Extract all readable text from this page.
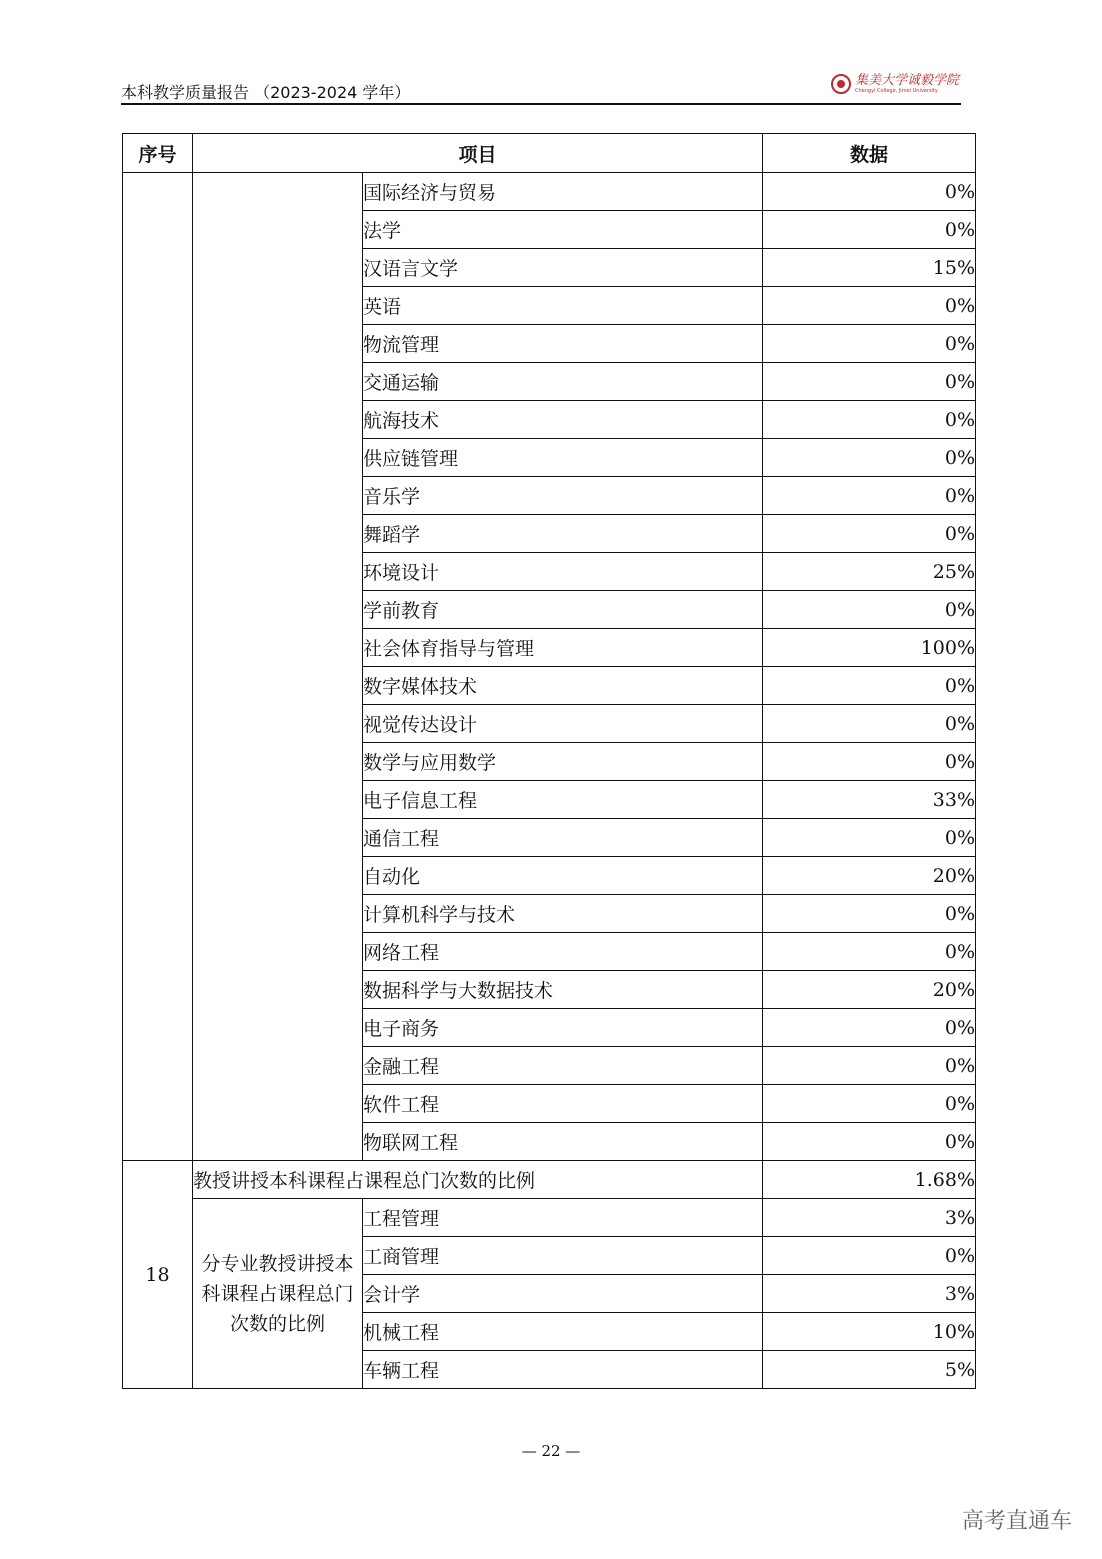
本科教学质量报告 （2023-2024 学年）
集美大学诚毅学院
Chengyi College, Jimei University
序号	项目		数据
		国际经济与贸易	0%
		法学	0%
		汉语言文学	15%
		英语	0%
		物流管理	0%
		交通运输	0%
		航海技术	0%
		供应链管理	0%
		音乐学	0%
		舞蹈学	0%
		环境设计	25%
		学前教育	0%
		社会体育指导与管理	100%
		数字媒体技术	0%
		视觉传达设计	0%
		数学与应用数学	0%
		电子信息工程	33%
		通信工程	0%
		自动化	20%
		计算机科学与技术	0%
		网络工程	0%
		数据科学与大数据技术	20%
		电子商务	0%
		金融工程	0%
		软件工程	0%
		物联网工程	0%
18	教授讲授本科课程占课程总门次数的比例		1.68%
	分专业教授讲授本科课程占课程总门次数的比例	工程管理	3%
		工商管理	0%
		会计学	3%
		机械工程	10%
		车辆工程	5%
— 22 —
高考直通车
